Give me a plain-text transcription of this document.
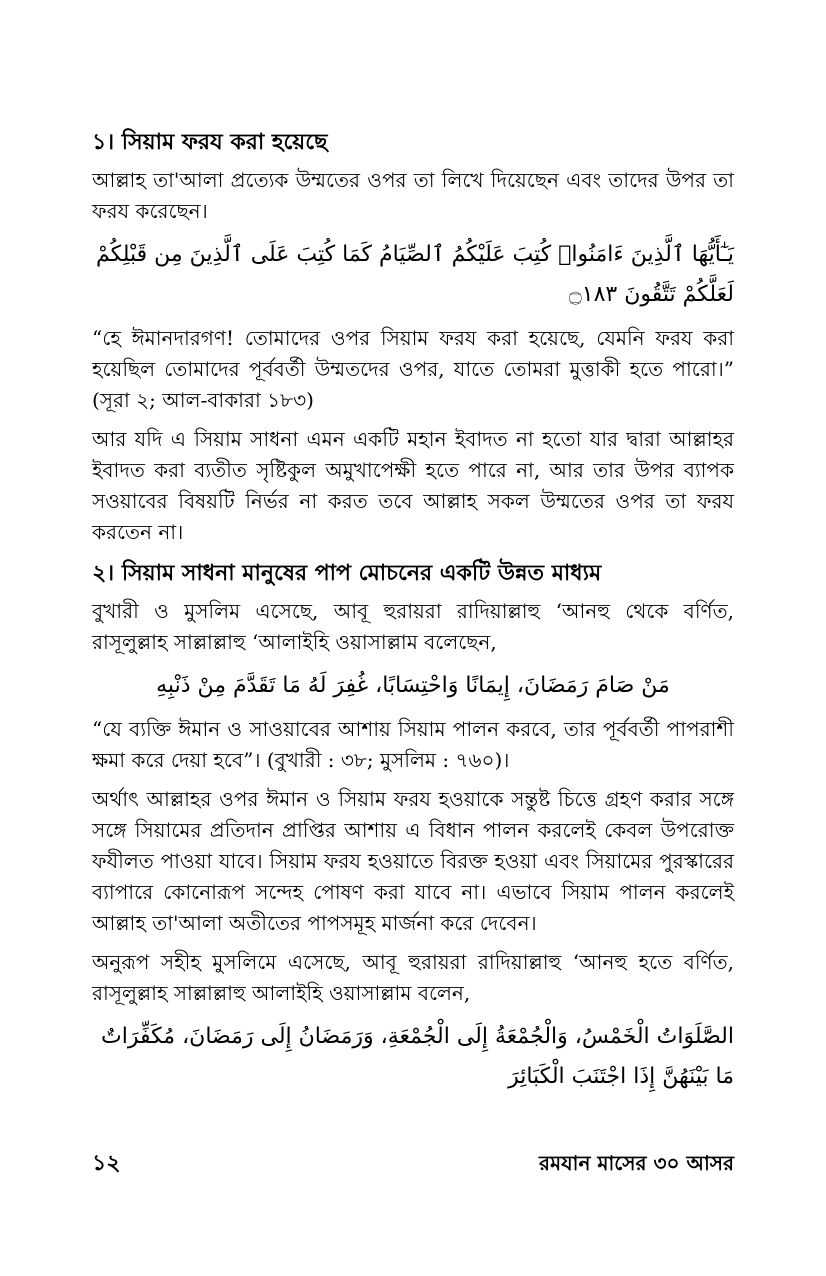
১। সিয়াম ফরয করা হয়েছে
আল্লাহ তা'আলা প্রত্যেক উম্মতের ওপর তা লিখে দিয়েছেন এবং তাদের উপর তা ফরয করেছেন।
يَـٰٓأَيُّهَا ٱلَّذِينَ ءَامَنُوا۟ كُتِبَ عَلَيْكُمُ ٱلصِّيَامُ كَمَا كُتِبَ عَلَى ٱلَّذِينَ مِن قَبْلِكُمْ لَعَلَّكُمْ تَتَّقُونَ ۝١٨٣
“হে ঈমানদারগণ! তোমাদের ওপর সিয়াম ফরয করা হয়েছে, যেমনি ফরয করা হয়েছিল তোমাদের পূর্ববর্তী উম্মতদের ওপর, যাতে তোমরা মুত্তাকী হতে পারো।” (সূরা ২; আল-বাকারা ১৮৩)
আর যদি এ সিয়াম সাধনা এমন একটি মহান ইবাদত না হতো যার দ্বারা আল্লাহর ইবাদত করা ব্যতীত সৃষ্টিকুল অমুখাপেক্ষী হতে পারে না, আর তার উপর ব্যাপক সওয়াবের বিষয়টি নির্ভর না করত তবে আল্লাহ সকল উম্মতের ওপর তা ফরয করতেন না।
২। সিয়াম সাধনা মানুষের পাপ মোচনের একটি উন্নত মাধ্যম
বুখারী ও মুসলিম এসেছে, আবূ হুরায়রা রাদিয়াল্লাহু ‘আনহু থেকে বর্ণিত, রাসূলুল্লাহ সাল্লাল্লাহু ‘আলাইহি ওয়াসাল্লাম বলেছেন,
مَنْ صَامَ رَمَضَانَ، إِيمَانًا وَاحْتِسَابًا، غُفِرَ لَهُ مَا تَقَدَّمَ مِنْ ذَنْبِهِ
“যে ব্যক্তি ঈমান ও সাওয়াবের আশায় সিয়াম পালন করবে, তার পূর্ববর্তী পাপরাশী ক্ষমা করে দেয়া হবে”। (বুখারী : ৩৮; মুসলিম : ৭৬০)।
অর্থাৎ আল্লাহর ওপর ঈমান ও সিয়াম ফরয হওয়াকে সন্তুষ্ট চিত্তে গ্রহণ করার সঙ্গে সঙ্গে সিয়ামের প্রতিদান প্রাপ্তির আশায় এ বিধান পালন করলেই কেবল উপরোক্ত ফযীলত পাওয়া যাবে। সিয়াম ফরয হওয়াতে বিরক্ত হওয়া এবং সিয়ামের পুরস্কারের ব্যাপারে কোনোরূপ সন্দেহ পোষণ করা যাবে না। এভাবে সিয়াম পালন করলেই আল্লাহ তা'আলা অতীতের পাপসমূহ মার্জনা করে দেবেন।
অনুরূপ সহীহ মুসলিমে এসেছে, আবূ হুরায়রা রাদিয়াল্লাহু ‘আনহু হতে বর্ণিত, রাসূলুল্লাহ সাল্লাল্লাহু আলাইহি ওয়াসাল্লাম বলেন,
الصَّلَوَاتُ الْخَمْسُ، وَالْجُمْعَةُ إِلَى الْجُمْعَةِ، وَرَمَضَانُ إِلَى رَمَضَانَ، مُكَفِّرَاتٌ مَا بَيْنَهُنَّ إِذَا اجْتَنَبَ الْكَبَائِرَ
১২	রমযান মাসের ৩০ আসর
